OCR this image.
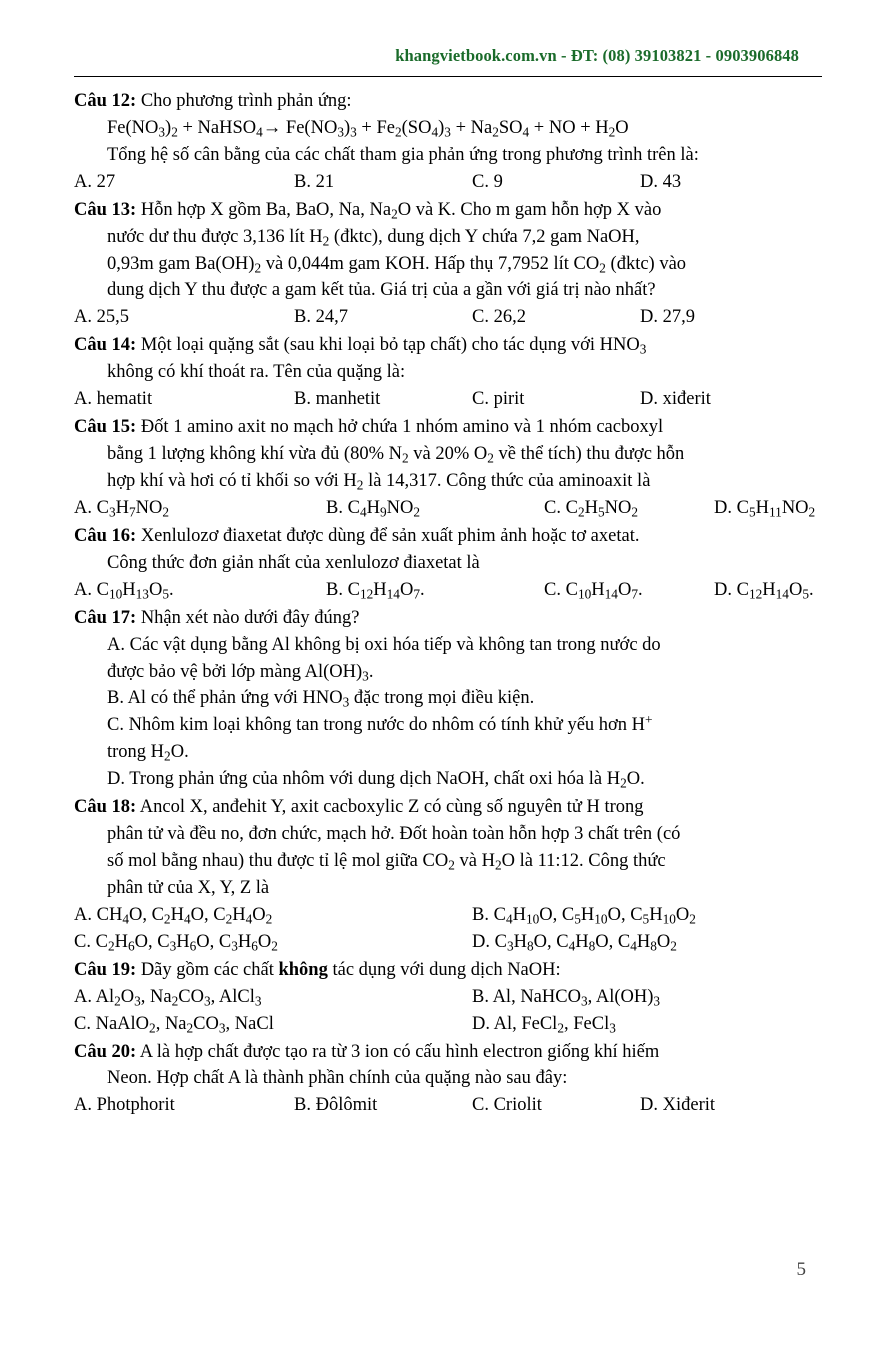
khangvietbook.com.vn - ĐT: (08) 39103821 - 0903906848
Câu 12: Cho phương trình phản ứng:
$Fe(NO_3)_2$ + NaHSO$_4$→ $Fe(NO_3)_3 + Fe_2(SO_4)_3 + Na_2SO_4$ + NO + $H_2O$
Tổng hệ số cân bằng của các chất tham gia phản ứng trong phương trình trên là:
A. 27	B. 21	C. 9	D. 43
Câu 13: Hỗn hợp X gồm Ba, BaO, Na, $Na_2O$ và K. Cho m gam hỗn hợp X vào
nước dư thu được 3,136 lít $H_2$ (đktc), dung dịch Y chứa 7,2 gam NaOH,
0,93m gam $Ba(OH)_2$ và 0,044m gam KOH. Hấp thụ 7,7952 lít $CO_2$ (đktc) vào
dung dịch Y thu được a gam kết tủa. Giá trị của a gần với giá trị nào nhất?
A. 25,5	B. 24,7	C. 26,2	D. 27,9
Câu 14: Một loại quặng sắt (sau khi loại bỏ tạp chất) cho tác dụng với $HNO_3$
không có khí thoát ra. Tên của quặng là:
A. hematit	B. manhetit	C. pirit	D. xiđerit
Câu 15: Đốt 1 amino axit no mạch hở chứa 1 nhóm amino và 1 nhóm cacboxyl
bằng 1 lượng không khí vừa đủ (80% $N_2$ và 20% $O_2$ về thể tích) thu được hỗn
hợp khí và hơi có tỉ khối so với $H_2$ là 14,317. Công thức của aminoaxit là
A. $C_3H_7NO_2$	B. $C_4H_9NO_2$	C. $C_2H_5NO_2$	D. $C_5H_{11}NO_2$
Câu 16: Xenlulozơ điaxetat được dùng để sản xuất phim ảnh hoặc tơ axetat.
Công thức đơn giản nhất của xenlulozơ điaxetat là
A. $C_{10}H_{13}O_5$.	B. $C_{12}H_{14}O_7$.	C. $C_{10}H_{14}O_7$.	D. $C_{12}H_{14}O_5$.
Câu 17: Nhận xét nào dưới đây đúng?
A. Các vật dụng bằng Al không bị oxi hóa tiếp và không tan trong nước do
được bảo vệ bởi lớp màng $Al(OH)_3$.
B. Al có thể phản ứng với $HNO_3$ đặc trong mọi điều kiện.
C. Nhôm kim loại không tan trong nước do nhôm có tính khử yếu hơn H+
trong $H_2O$.
D. Trong phản ứng của nhôm với dung dịch NaOH, chất oxi hóa là $H_2O$.
Câu 18: Ancol X, anđehit Y, axit cacboxylic Z có cùng số nguyên tử H trong
phân tử và đều no, đơn chức, mạch hở. Đốt hoàn toàn hỗn hợp 3 chất trên (có
số mol bằng nhau) thu được tỉ lệ mol giữa $CO_2$ và $H_2O$ là 11:12. Công thức
phân tử của X, Y, Z là
A. $CH_4O$, $C_2H_4O$, $C_2H_4O_2$	B. $C_4H_{10}O$, $C_5H_{10}O$, $C_5H_{10}O_2$
C. $C_2H_6O$, $C_3H_6O$, $C_3H_6O_2$	D. $C_3H_8O$, $C_4H_8O$, $C_4H_8O_2$
Câu 19: Dãy gồm các chất không tác dụng với dung dịch NaOH:
A. $Al_2O_3$, $Na_2CO_3$, AlCl$_3$	B. Al, NaHCO$_3$, $Al(OH)_3$
C. NaAlO$_2$, $Na_2CO_3$, NaCl	D. Al, FeCl$_2$, FeCl$_3$
Câu 20: A là hợp chất được tạo ra từ 3 ion có cấu hình electron giống khí hiếm
Neon. Hợp chất A là thành phần chính của quặng nào sau đây:
A. Photphorit	B. Đôlômit	C. Criolit	D. Xiđerit
5
